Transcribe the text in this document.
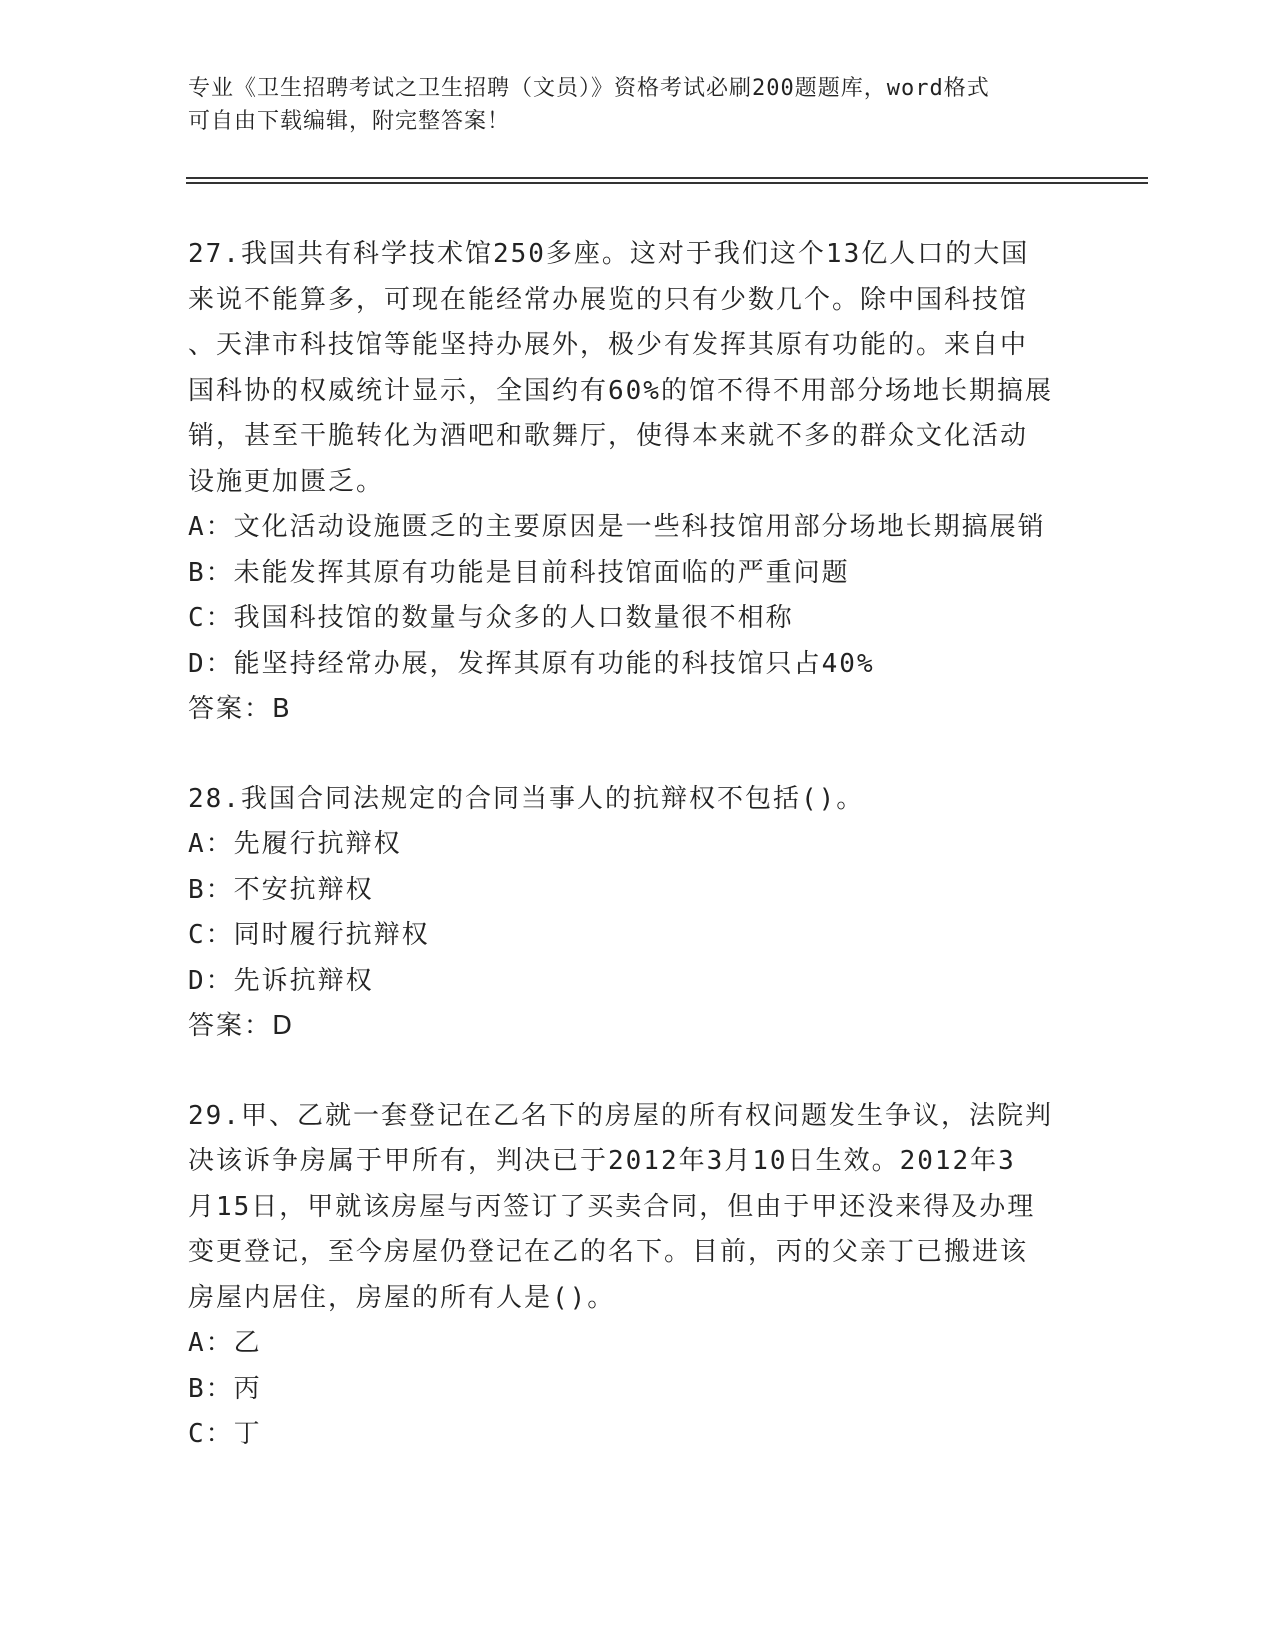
专业《卫生招聘考试之卫生招聘（文员）》资格考试必刷200题题库，word格式
可自由下载编辑，附完整答案！

27.我国共有科学技术馆250多座。这对于我们这个13亿人口的大国

来说不能算多，可现在能经常办展览的只有少数几个。除中国科技馆

、天津市科技馆等能坚持办展外，极少有发挥其原有功能的。来自中

国科协的权威统计显示，全国约有60%的馆不得不用部分场地长期搞展

销，甚至干脆转化为酒吧和歌舞厅，使得本来就不多的群众文化活动

设施更加匮乏。

A：文化活动设施匮乏的主要原因是一些科技馆用部分场地长期搞展销

B：未能发挥其原有功能是目前科技馆面临的严重问题

C：我国科技馆的数量与众多的人口数量很不相称

D：能坚持经常办展，发挥其原有功能的科技馆只占40%

答案：B

28.我国合同法规定的合同当事人的抗辩权不包括()。

A：先履行抗辩权

B：不安抗辩权

C：同时履行抗辩权

D：先诉抗辩权

答案：D

29.甲、乙就一套登记在乙名下的房屋的所有权问题发生争议，法院判

决该诉争房属于甲所有，判决已于2012年3月10日生效。2012年3

月15日，甲就该房屋与丙签订了买卖合同，但由于甲还没来得及办理

变更登记，至今房屋仍登记在乙的名下。目前，丙的父亲丁已搬进该

房屋内居住，房屋的所有人是()。

A：乙

B：丙

C：丁
